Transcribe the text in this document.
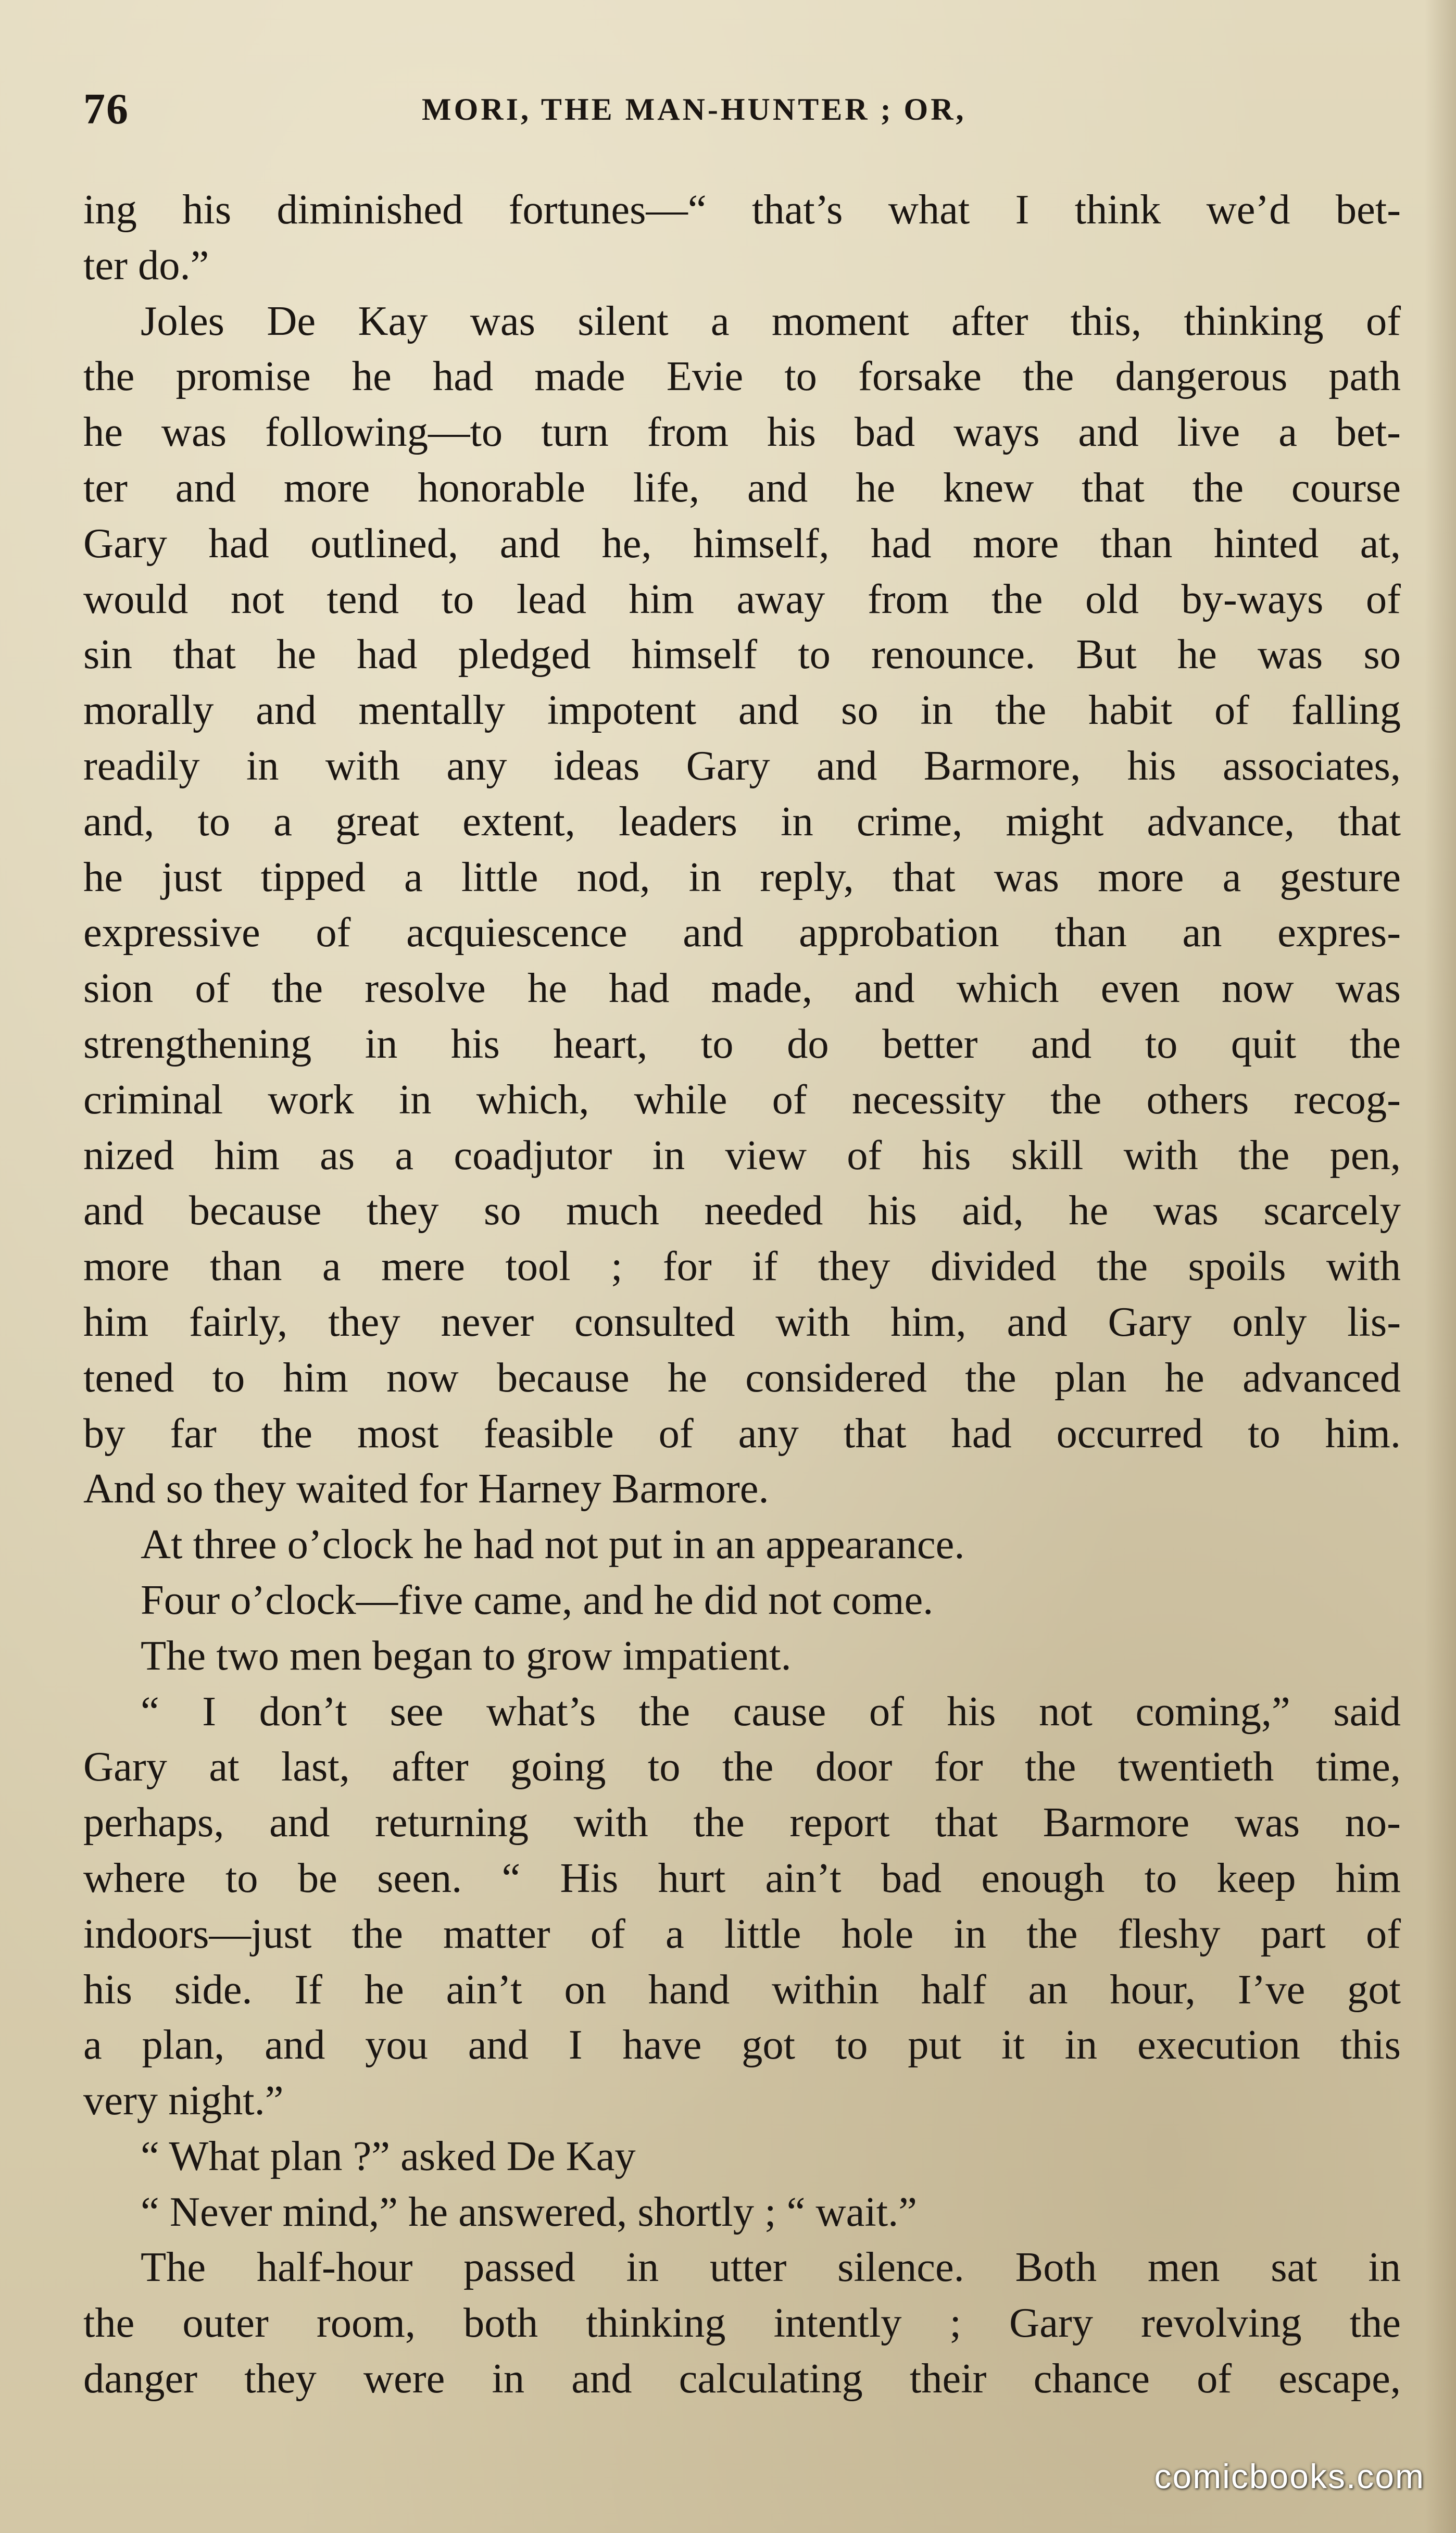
76	MORI, THE MAN-HUNTER ; OR,
ing his diminished fortunes—“ that’s what I think we’d bet-
ter do.”
Joles De Kay was silent a moment after this, thinking of
the promise he had made Evie to forsake the dangerous path
he was following—to turn from his bad ways and live a bet-
ter and more honorable life, and he knew that the course
Gary had outlined, and he, himself, had more than hinted at,
would not tend to lead him away from the old by-ways of
sin that he had pledged himself to renounce. But he was so
morally and mentally impotent and so in the habit of falling
readily in with any ideas Gary and Barmore, his associates,
and, to a great extent, leaders in crime, might advance, that
he just tipped a little nod, in reply, that was more a gesture
expressive of acquiescence and approbation than an expres-
sion of the resolve he had made, and which even now was
strengthening in his heart, to do better and to quit the
criminal work in which, while of necessity the others recog-
nized him as a coadjutor in view of his skill with the pen,
and because they so much needed his aid, he was scarcely
more than a mere tool ; for if they divided the spoils with
him fairly, they never consulted with him, and Gary only lis-
tened to him now because he considered the plan he advanced
by far the most feasible of any that had occurred to him.
And so they waited for Harney Barmore.
At three o’clock he had not put in an appearance.
Four o’clock—five came, and he did not come.
The two men began to grow impatient.
“ I don’t see what’s the cause of his not coming,” said
Gary at last, after going to the door for the twentieth time,
perhaps, and returning with the report that Barmore was no-
where to be seen. “ His hurt ain’t bad enough to keep him
indoors—just the matter of a little hole in the fleshy part of
his side. If he ain’t on hand within half an hour, I’ve got
a plan, and you and I have got to put it in execution this
very night.”
“ What plan ?” asked De Kay
“ Never mind,” he answered, shortly ; “ wait.”
The half-hour passed in utter silence. Both men sat in
the outer room, both thinking intently ; Gary revolving the
danger they were in and calculating their chance of escape,
comicbooks.com
